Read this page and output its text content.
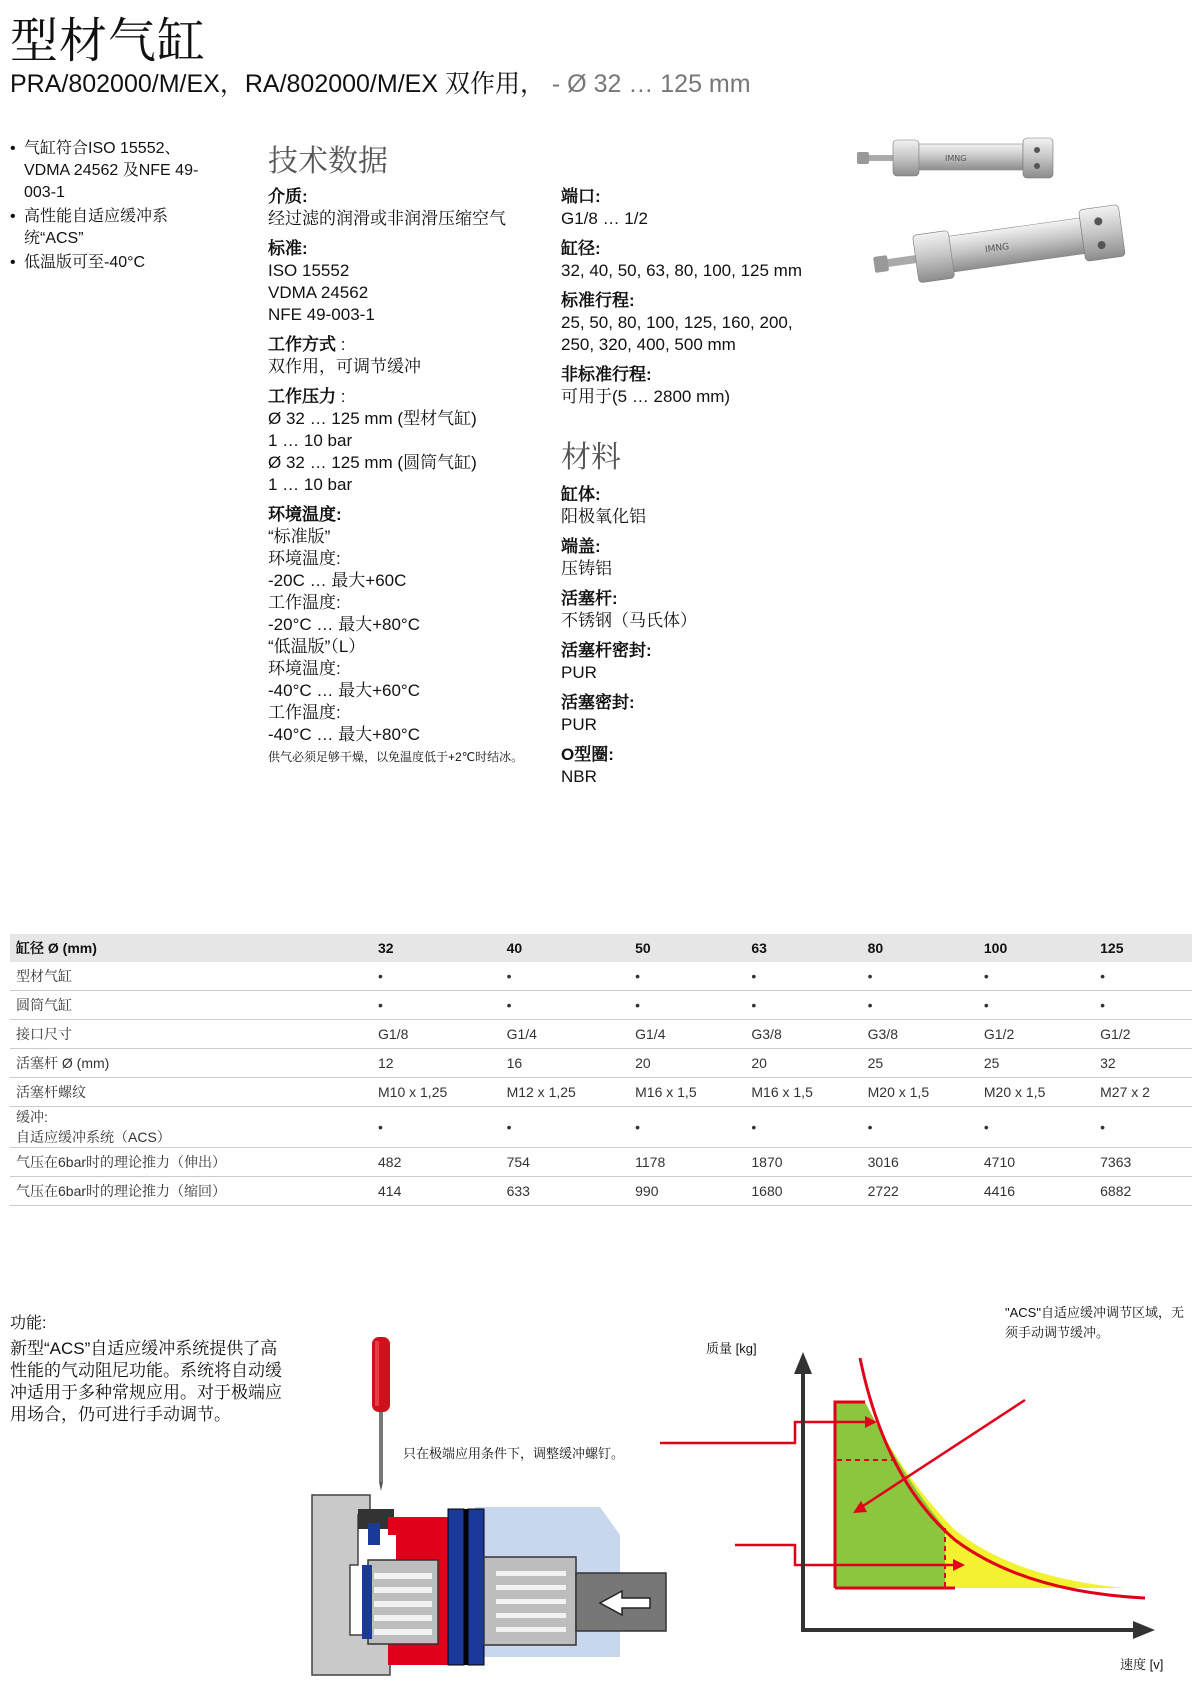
型材气缸
PRA/802000/M/EX，RA/802000/M/EX 双作用， - Ø 32 … 125 mm
• 气缸符合ISO 15552、VDMA 24562 及NFE 49-003-1
• 高性能自适应缓冲系统“ACS”
• 低温版可至-40°C
技术数据
介质:
经过滤的润滑或非润滑压缩空气
标准:
ISO 15552
VDMA 24562
NFE 49-003-1
工作方式 :
双作用，可调节缓冲
工作压力 :
Ø 32 … 125 mm (型材气缸)
1 … 10 bar
Ø 32 … 125 mm (圆筒气缸)
1 … 10 bar
环境温度:
“标准版”
环境温度:
-20C … 最大+60C
工作温度:
-20°C … 最大+80°C
“低温版”（L）
环境温度:
-40°C … 最大+60°C
工作温度:
-40°C … 最大+80°C
供气必须足够干燥，以免温度低于+2℃时结冰。
端口:
G1/8 … 1/2
缸径:
32, 40, 50, 63, 80, 100, 125 mm
标准行程:
25, 50, 80, 100, 125, 160, 200,
250, 320, 400, 500 mm
非标准行程:
可用于(5 … 2800 mm)
材料
缸体:
阳极氧化铝
端盖:
压铸铝
活塞杆:
不锈钢（马氏体）
活塞杆密封:
PUR
活塞密封:
PUR
O型圈:
NBR
IMNG
IMNG
缸径 Ø (mm)	32	40	50	63	80	100	125
型材气缸	•	•	•	•	•	•	•
圆筒气缸	•	•	•	•	•	•	•
接口尺寸	G1/8	G1/4	G1/4	G3/8	G3/8	G1/2	G1/2
活塞杆 Ø (mm)	12	16	20	20	25	25	32
活塞杆螺纹	M10 x 1,25	M12 x 1,25	M16 x 1,5	M16 x 1,5	M20 x 1,5	M20 x 1,5	M27 x 2

缓冲:
自适应缓冲系统（ACS）	•	•	•	•	•	•	•
气压在6bar时的理论推力（伸出）	482	754	1178	1870	3016	4710	7363
气压在6bar时的理论推力（缩回）	414	633	990	1680	2722	4416	6882
功能:
新型“ACS”自适应缓冲系统提供了高性能的气动阻尼功能。系统将自动缓冲适用于多种常规应用。对于极端应用场合，仍可进行手动调节。
只在极端应用条件下，调整缓冲螺钉。
"ACS"自适应缓冲调节区域，无须手动调节缓冲。
质量 [kg]
速度 [v]
